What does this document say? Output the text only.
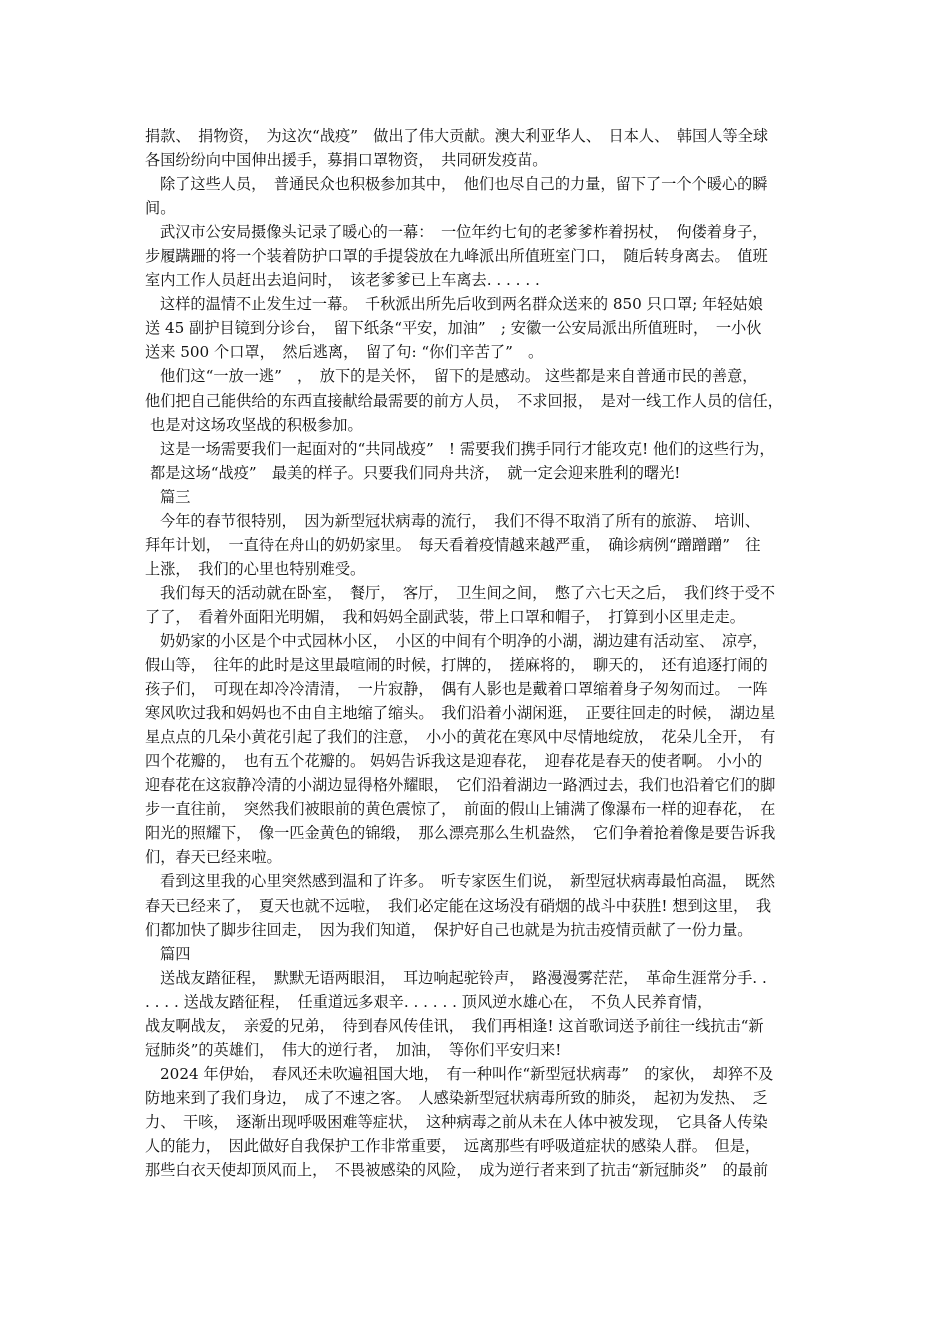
捐款、　捐物资，　为这次“战疫”　做出了伟大贡献。澳大利亚华人、　日本人、　韩国人等全球
各国纷纷向中国伸出援手，募捐口罩物资，　共同研发疫苗。
除了这些人员，　普通民众也积极参加其中，　他们也尽自己的力量，留下了一个个暖心的瞬
间。
武汉市公安局摄像头记录了暖心的一幕：　一位年约七旬的老爹爹柞着拐杖，　佝偻着身子，
步履蹒跚的将一个装着防护口罩的手提袋放在九峰派出所值班室门口，　随后转身离去。　值班
室内工作人员赶出去追问时，　该老爹爹已上车离去. . . . . .
这样的温情不止发生过一幕。　千秋派出所先后收到两名群众送来的 850 只口罩; 年轻姑娘
送 45 副护目镜到分诊台，　留下纸条“平安，加油”　; 安徽一公安局派出所值班时，　一小伙
送来 500 个口罩，　然后逃离，　留了句: “你们辛苦了”　。
他们这“一放一逃”　，　放下的是关怀，　留下的是感动。 这些都是来自普通市民的善意，
他们把自己能供给的东西直接献给最需要的前方人员，　不求回报，　是对一线工作人员的信任，
也是对这场攻坚战的积极参加。
这是一场需要我们一起面对的“共同战疫”　! 需要我们携手同行才能攻克! 他们的这些行为，
都是这场“战疫”　最美的样子。只要我们同舟共济，　就一定会迎来胜利的曙光!
篇三
今年的春节很特别，　因为新型冠状病毒的流行，　我们不得不取消了所有的旅游、　培训、
拜年计划，　一直待在舟山的奶奶家里。　每天看着疫情越来越严重，　确诊病例“蹭蹭蹭”　往
上涨，　我们的心里也特别难受。
我们每天的活动就在卧室，　餐厅，　客厅，　卫生间之间，　憋了六七天之后，　我们终于受不
了了，　看着外面阳光明媚，　我和妈妈全副武装，带上口罩和帽子，　打算到小区里走走。
奶奶家的小区是个中式园林小区，　小区的中间有个明净的小湖，湖边建有活动室、　凉亭，
假山等，　往年的此时是这里最喧闹的时候，打牌的，　搓麻将的，　聊天的，　还有追逐打闹的
孩子们，　可现在却冷冷清清，　一片寂静，　偶有人影也是戴着口罩缩着身子匆匆而过。　一阵
寒风吹过我和妈妈也不由自主地缩了缩头。　我们沿着小湖闲逛，　正要往回走的时候，　湖边星
星点点的几朵小黄花引起了我们的注意，　小小的黄花在寒风中尽情地绽放，　花朵儿全开，　有
四个花瓣的，　也有五个花瓣的。 妈妈告诉我这是迎春花，　迎春花是春天的使者啊。 小小的
迎春花在这寂静冷清的小湖边显得格外耀眼，　它们沿着湖边一路洒过去，我们也沿着它们的脚
步一直往前，　突然我们被眼前的黄色震惊了，　前面的假山上铺满了像瀑布一样的迎春花，　在
阳光的照耀下，　像一匹金黄色的锦缎，　那么漂亮那么生机盎然，　它们争着抢着像是要告诉我
们，春天已经来啦。
看到这里我的心里突然感到温和了许多。　听专家医生们说，　新型冠状病毒最怕高温，　既然
春天已经来了，　夏天也就不远啦，　我们必定能在这场没有硝烟的战斗中获胜! 想到这里，　我
们都加快了脚步往回走，　因为我们知道，　保护好自己也就是为抗击疫情贡献了一份力量。
篇四
送战友踏征程，　默默无语两眼泪，　耳边响起驼铃声，　路漫漫雾茫茫，　革命生涯常分手. .
. . . . 送战友踏征程，　任重道远多艰辛. . . . . . 顶风逆水雄心在，　不负人民养育情，
战友啊战友，　亲爱的兄弟，　待到春风传佳讯，　我们再相逢! 这首歌词送予前往一线抗击“新
冠肺炎”的英雄们，　伟大的逆行者，　加油，　等你们平安归来!
2024 年伊始，　春风还未吹遍祖国大地，　有一种叫作“新型冠状病毒”　的家伙，　却猝不及
防地来到了我们身边，　成了不速之客。　人感染新型冠状病毒所致的肺炎，　起初为发热、　乏
力、　干咳，　逐渐出现呼吸困难等症状，　这种病毒之前从未在人体中被发现，　它具备人传染
人的能力，　因此做好自我保护工作非常重要，　远离那些有呼吸道症状的感染人群。　但是，
那些白衣天使却顶风而上，　不畏被感染的风险，　成为逆行者来到了抗击“新冠肺炎”　的最前
